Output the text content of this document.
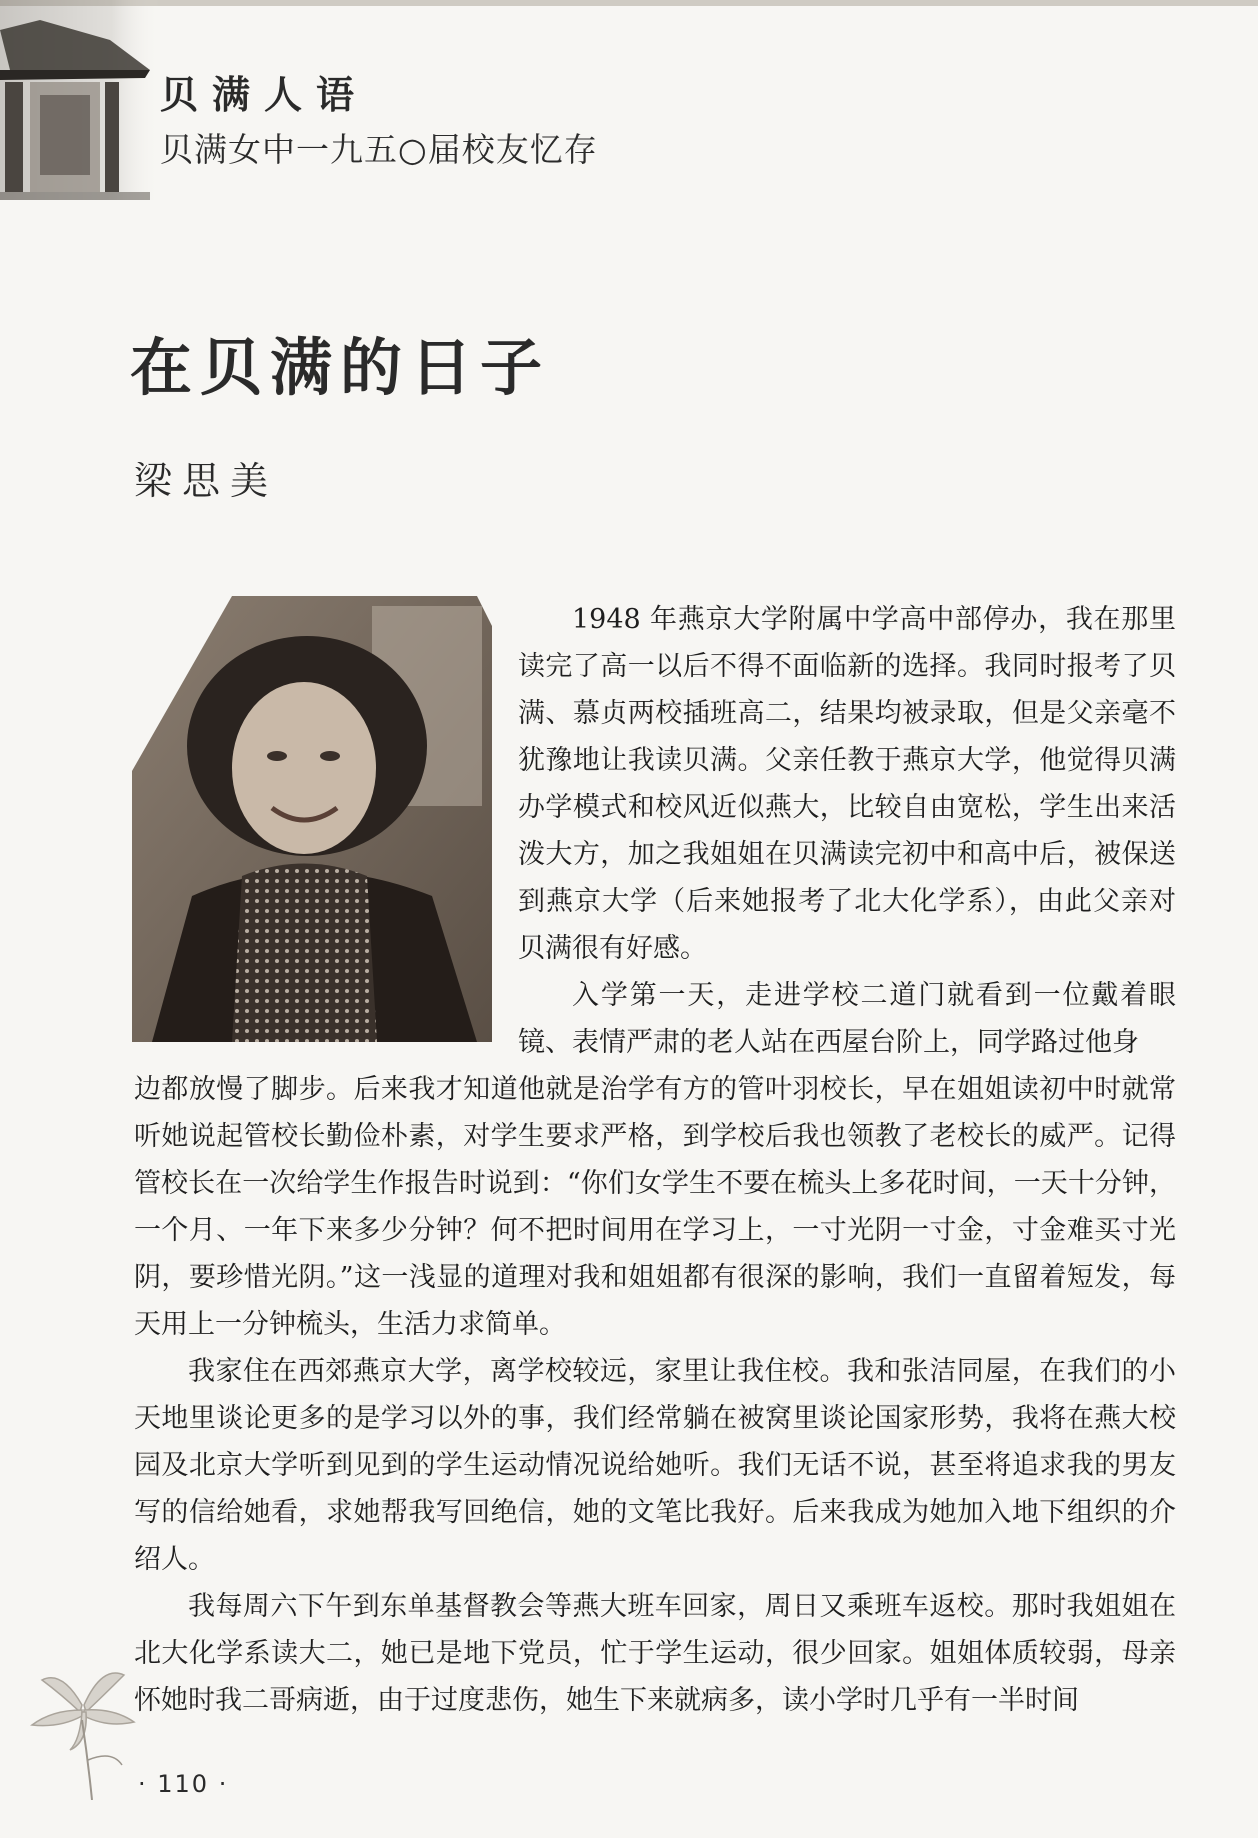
贝满人语
贝满女中一九五○届校友忆存
在贝满的日子
梁思美

1948 年燕京大学附属中学高中部停办，我在那里读完了高一以后不得不面临新的选择。我同时报考了贝满、慕贞两校插班高二，结果均被录取，但是父亲毫不犹豫地让我读贝满。父亲任教于燕京大学，他觉得贝满办学模式和校风近似燕大，比较自由宽松，学生出来活泼大方，加之我姐姐在贝满读完初中和高中后，被保送到燕京大学（后来她报考了北大化学系），由此父亲对贝满很有好感。

入学第一天，走进学校二道门就看到一位戴着眼镜、表情严肃的老人站在西屋台阶上，同学路过他身

边都放慢了脚步。后来我才知道他就是治学有方的管叶羽校长，早在姐姐读初中时就常听她说起管校长勤俭朴素，对学生要求严格，到学校后我也领教了老校长的威严。记得管校长在一次给学生作报告时说到：“你们女学生不要在梳头上多花时间，一天十分钟，一个月、一年下来多少分钟？何不把时间用在学习上，一寸光阴一寸金，寸金难买寸光阴，要珍惜光阴。”这一浅显的道理对我和姐姐都有很深的影响，我们一直留着短发，每天用上一分钟梳头，生活力求简单。

我家住在西郊燕京大学，离学校较远，家里让我住校。我和张洁同屋，在我们的小天地里谈论更多的是学习以外的事，我们经常躺在被窝里谈论国家形势，我将在燕大校园及北京大学听到见到的学生运动情况说给她听。我们无话不说，甚至将追求我的男友写的信给她看，求她帮我写回绝信，她的文笔比我好。后来我成为她加入地下组织的介绍人。

我每周六下午到东单基督教会等燕大班车回家，周日又乘班车返校。那时我姐姐在北大化学系读大二，她已是地下党员，忙于学生运动，很少回家。姐姐体质较弱，母亲怀她时我二哥病逝，由于过度悲伤，她生下来就病多，读小学时几乎有一半时间

· 110 ·
